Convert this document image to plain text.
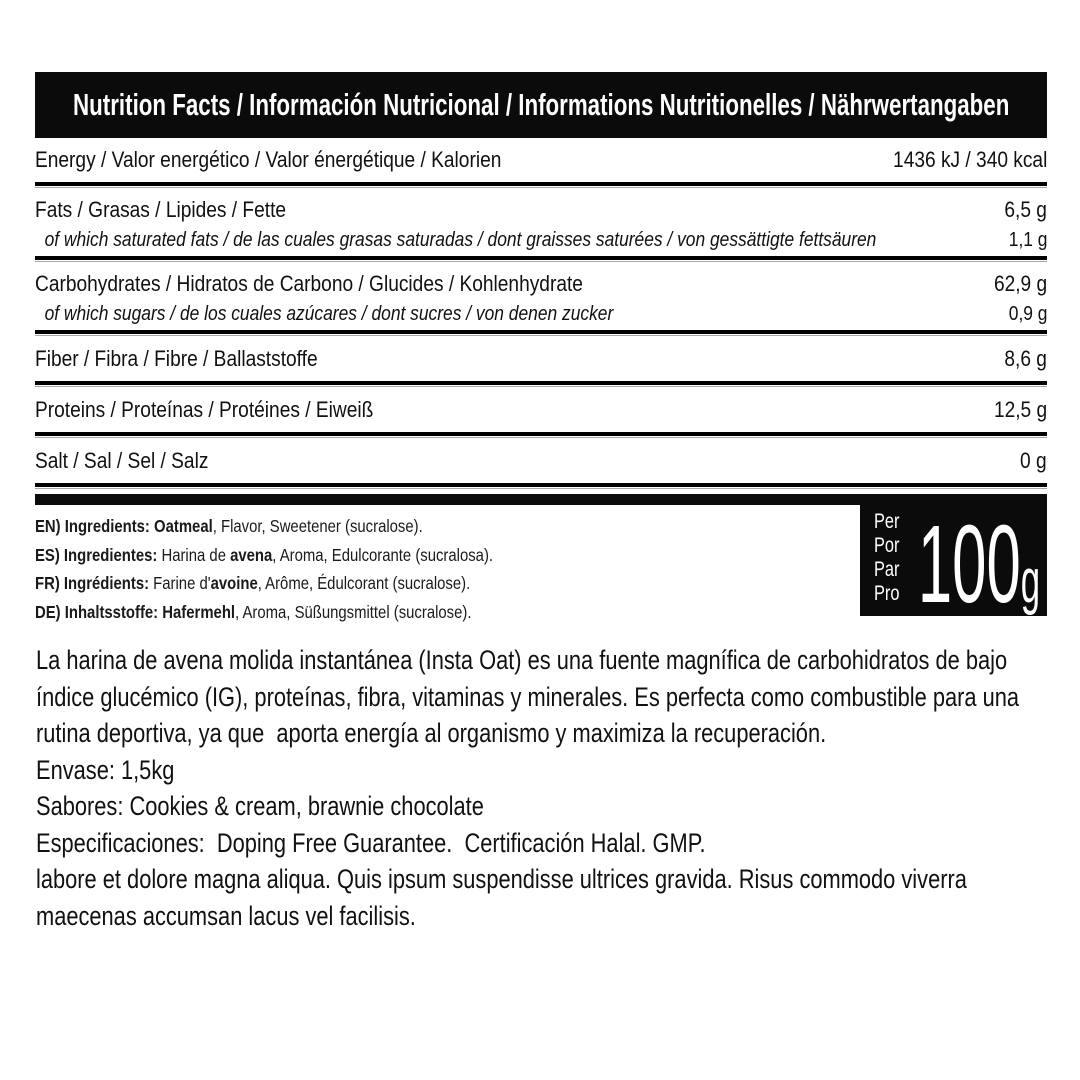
Nutrition Facts / Información Nutricional / Informations Nutritionelles / Nährwertangaben
Energy / Valor energético / Valor énergétique / Kalorien	1436 kJ / 340 kcal
Fats / Grasas / Lipides / Fette	6,5 g
of which saturated fats / de las cuales grasas saturadas / dont graisses saturées / von gessättigte fettsäuren	1,1 g
Carbohydrates / Hidratos de Carbono / Glucides / Kohlenhydrate	62,9 g
of which sugars / de los cuales azúcares / dont sucres / von denen zucker	0,9 g
Fiber / Fibra / Fibre / Ballaststoffe	8,6 g
Proteins / Proteínas / Protéines / Eiweiß	12,5 g
Salt / Sal / Sel / Salz	0 g
EN) Ingredients: Oatmeal, Flavor, Sweetener (sucralose).
ES) Ingredientes: Harina de avena, Aroma, Edulcorante (sucralosa).
FR) Ingrédients: Farine d'avoine, Arôme, Édulcorant (sucralose).
DE) Inhaltsstoffe: Hafermehl, Aroma, Süßungsmittel (sucralose).
Per
Por
Par
Pro 100 g

La harina de avena molida instantánea (Insta Oat) es una fuente magnífica de carbohidratos de bajo índice glucémico (IG), proteínas, fibra, vitaminas y minerales. Es perfecta como combustible para una rutina deportiva, ya que  aporta energía al organismo y maximiza la recuperación.

Envase: 1,5kg

Sabores: Cookies & cream, brawnie chocolate

Especificaciones:  Doping Free Guarantee.  Certificación Halal. GMP.

labore et dolore magna aliqua. Quis ipsum suspendisse ultrices gravida. Risus commodo viverra maecenas accumsan lacus vel facilisis.
